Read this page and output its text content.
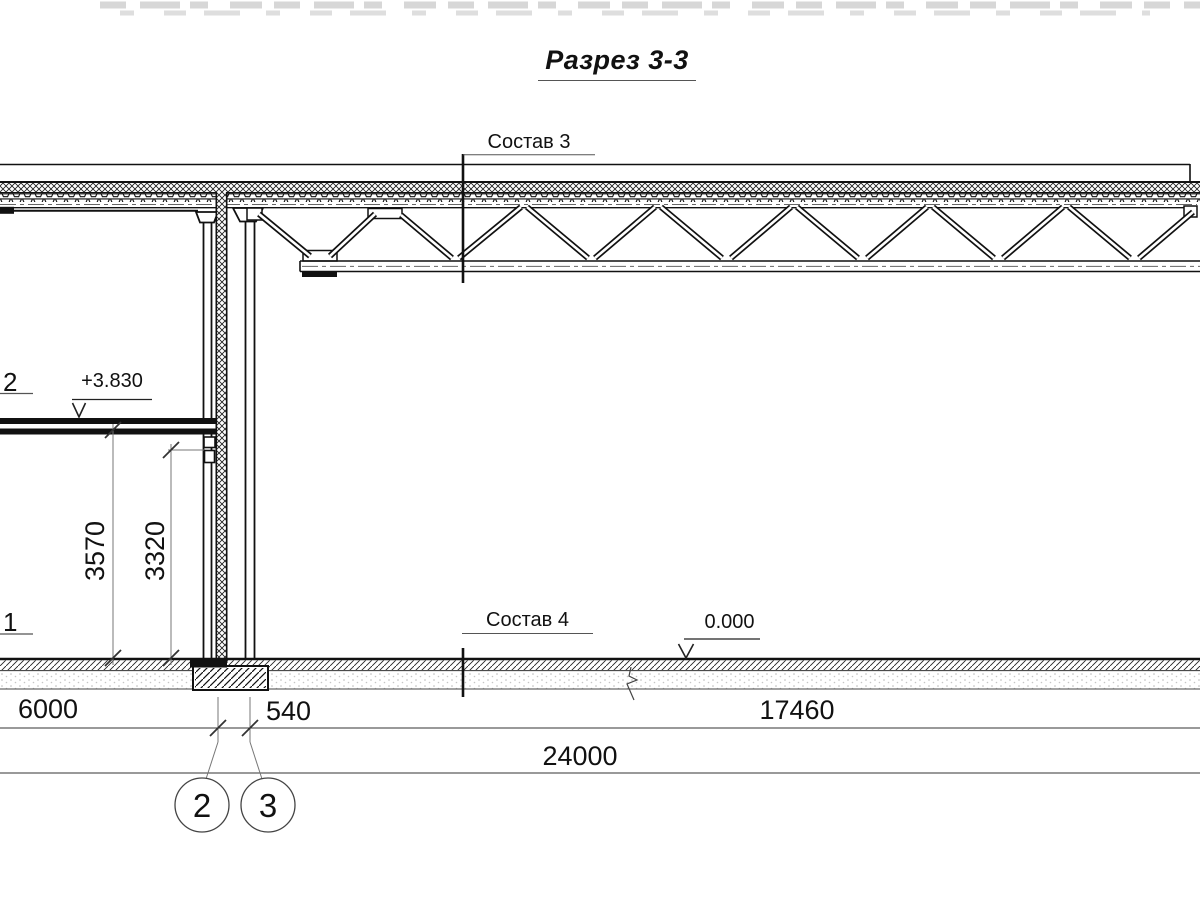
Разрез 3-3
Состав 3
Состав 4
+3.830
0.000
6000	540	17460
24000
3570 3320
2	3
2
1
